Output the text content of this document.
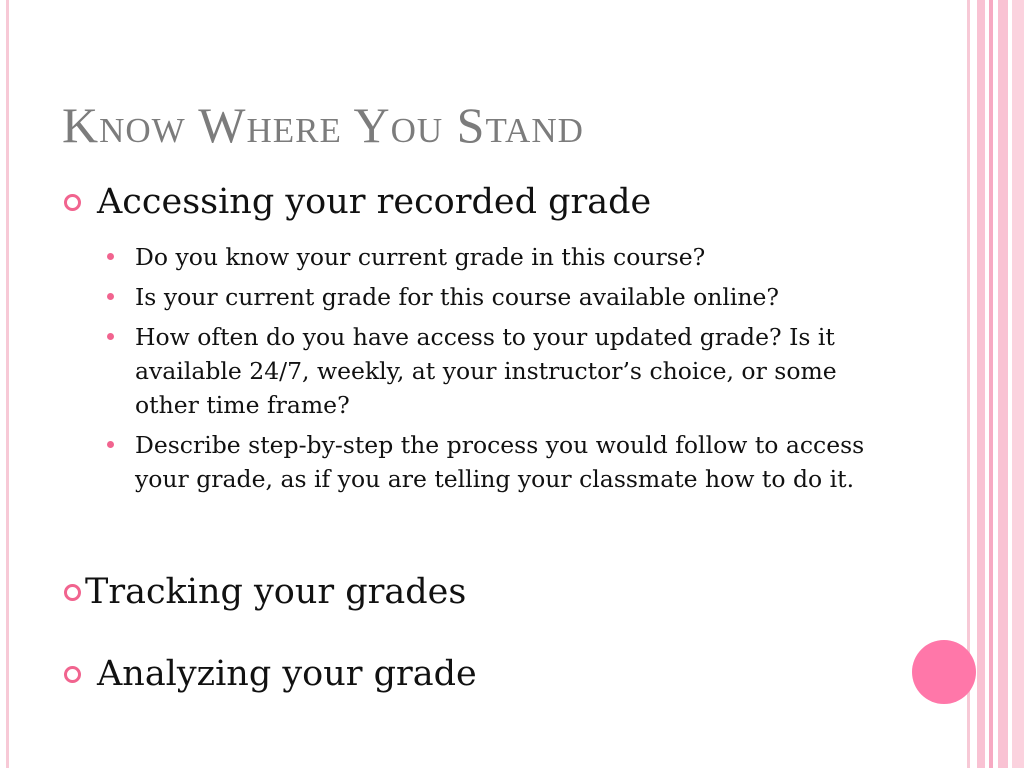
Know Where You Stand
Accessing your recorded grade
Do you know your current grade in this course?
Is your current grade for this course available online?
How often do you have access to your updated grade? Is it available 24/7, weekly, at your instructor’s choice, or some other time frame?
Describe step-by-step the process you would follow to access your grade, as if you are telling your classmate how to do it.
Tracking your grades
Analyzing your grade
